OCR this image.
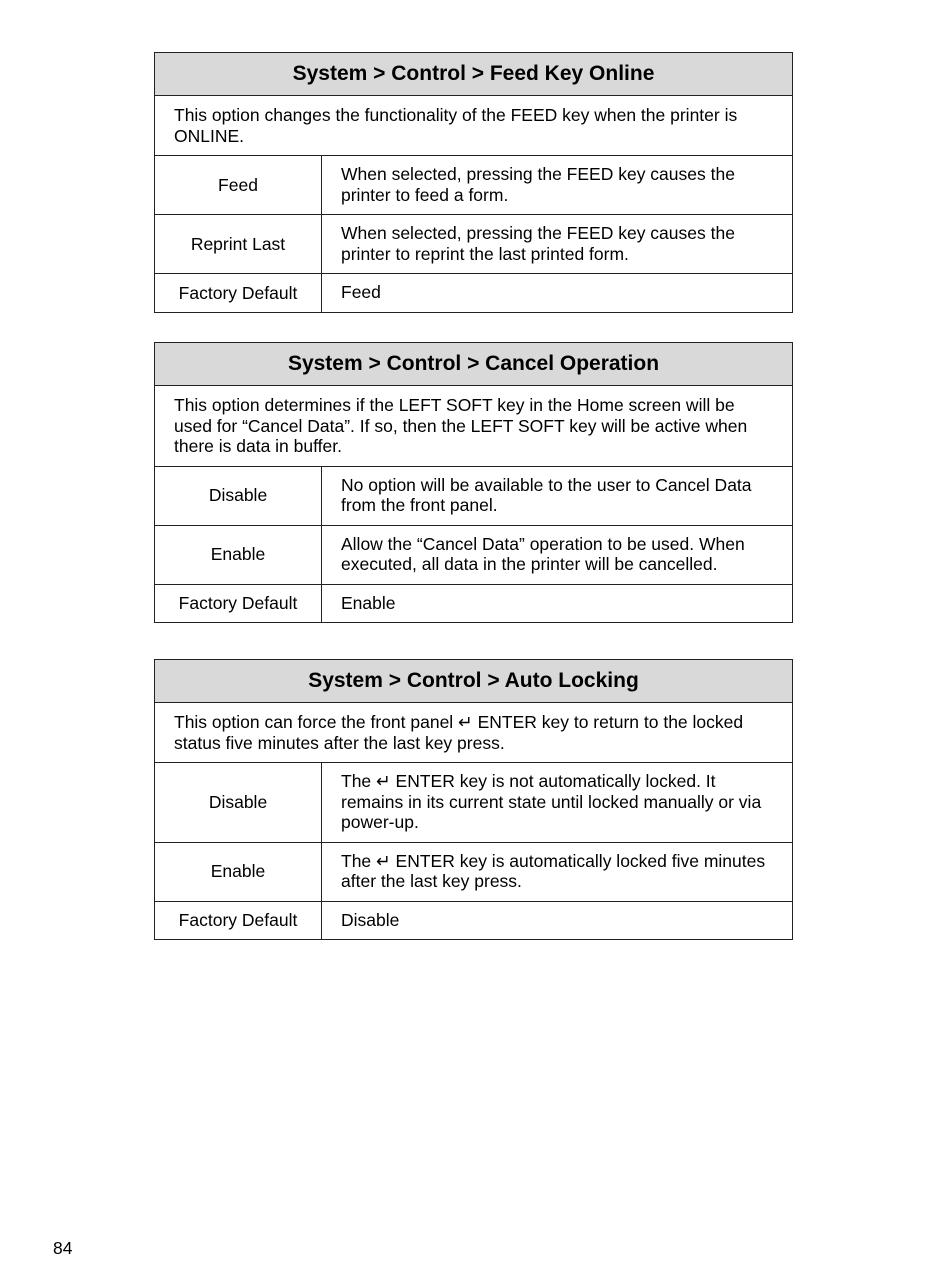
System > Control > Feed Key Online	
This option changes the functionality of the FEED key when the printer is ONLINE.	
Feed	When selected, pressing the FEED key causes the printer to feed a form.
Reprint Last	When selected, pressing the FEED key causes the printer to reprint the last printed form.
Factory Default	Feed
System > Control > Cancel Operation	
This option determines if the LEFT SOFT key in the Home screen will be used for “Cancel Data”. If so, then the LEFT SOFT key will be active when there is data in buffer.	
Disable	No option will be available to the user to Cancel Data from the front panel.
Enable	Allow the “Cancel Data” operation to be used. When executed, all data in the printer will be cancelled.
Factory Default	Enable
System > Control > Auto Locking	
This option can force the front panel ↵ ENTER key to return to the locked status five minutes after the last key press.	
Disable	The ↵ ENTER key is not automatically locked. It remains in its current state until locked manually or via power-up.
Enable	The ↵ ENTER key is automatically locked five minutes after the last key press.
Factory Default	Disable
84
